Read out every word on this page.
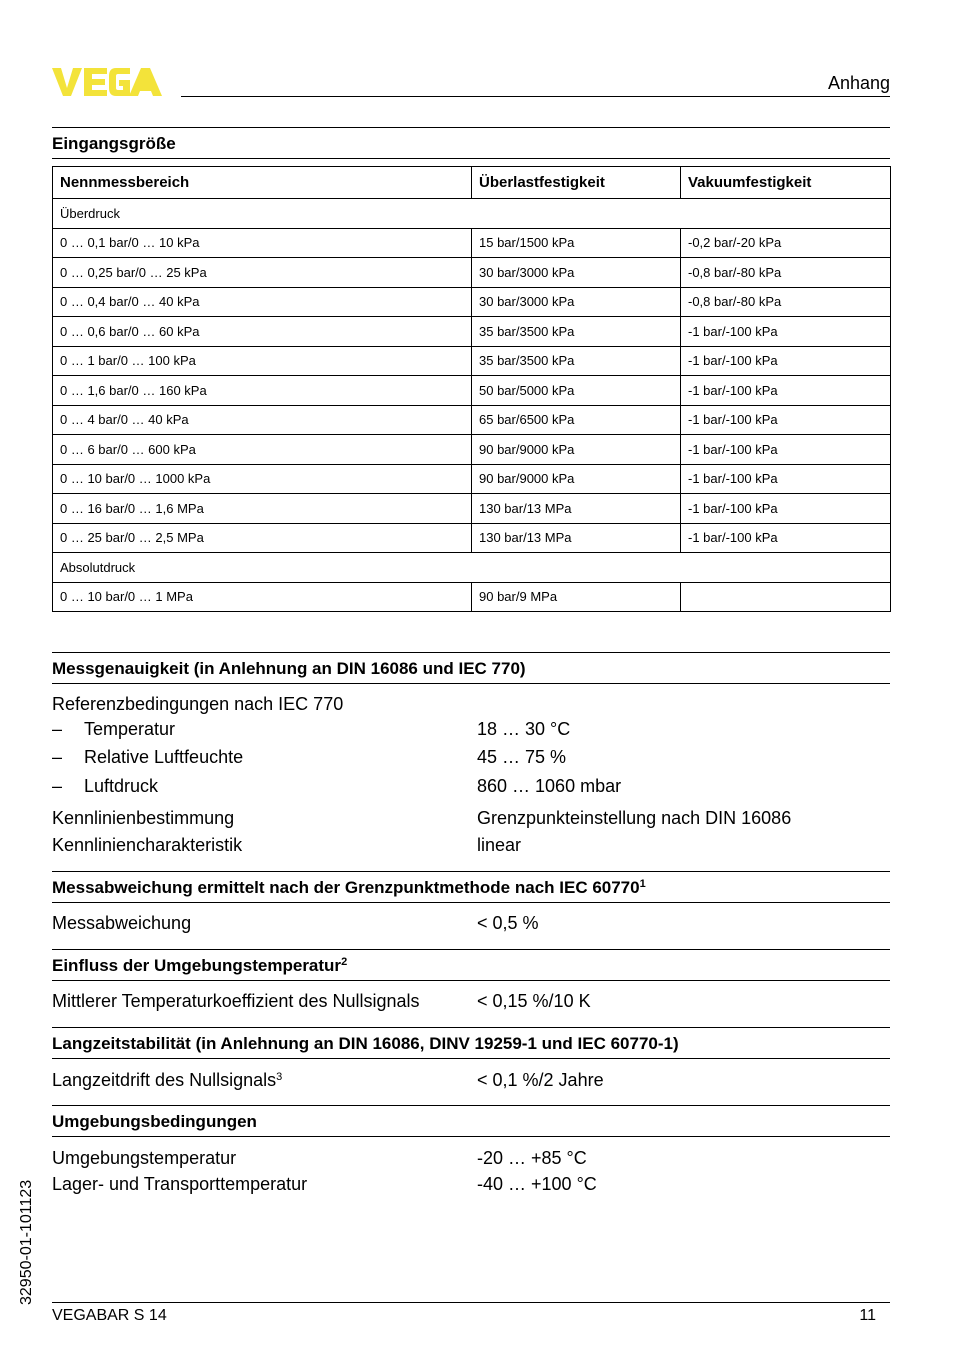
Anhang
Eingangsgröße
Nennmessbereich	Überlastfestigkeit	Vakuumfestigkeit
Überdruck		
0 … 0,1 bar/0 … 10 kPa	15 bar/1500 kPa	-0,2 bar/-20 kPa
0 … 0,25 bar/0 … 25 kPa	30 bar/3000 kPa	-0,8 bar/-80 kPa
0 … 0,4 bar/0 … 40 kPa	30 bar/3000 kPa	-0,8 bar/-80 kPa
0 … 0,6 bar/0 … 60 kPa	35 bar/3500 kPa	-1 bar/-100 kPa
0 … 1 bar/0 … 100 kPa	35 bar/3500 kPa	-1 bar/-100 kPa
0 … 1,6 bar/0 … 160 kPa	50 bar/5000 kPa	-1 bar/-100 kPa
0 … 4 bar/0 … 40 kPa	65 bar/6500 kPa	-1 bar/-100 kPa
0 … 6 bar/0 … 600 kPa	90 bar/9000 kPa	-1 bar/-100 kPa
0 … 10 bar/0 … 1000 kPa	90 bar/9000 kPa	-1 bar/-100 kPa
0 … 16 bar/0 … 1,6 MPa	130 bar/13 MPa	-1 bar/-100 kPa
0 … 25 bar/0 … 2,5 MPa	130 bar/13 MPa	-1 bar/-100 kPa
Absolutdruck		
0 … 10 bar/0 … 1 MPa	90 bar/9 MPa	
Messgenauigkeit (in Anlehnung an DIN 16086 und IEC 770)
Referenzbedingungen nach IEC 770
– Temperatur	18 … 30 °C
– Relative Luftfeuchte	45 … 75 %
– Luftdruck	860 … 1060 mbar
Kennlinienbestimmung	Grenzpunkteinstellung nach DIN 16086
Kennliniencharakteristik	linear
Messabweichung ermittelt nach der Grenzpunktmethode nach IEC 60770$^1$
Messabweichung	< 0,5 %
Einfluss der Umgebungstemperatur$^2$
Mittlerer Temperaturkoeffizient des Nullsignals	< 0,15 %/10 K
Langzeitstabilität (in Anlehnung an DIN 16086, DINV 19259-1 und IEC 60770-1)
Langzeitdrift des Nullsignals$^3$	< 0,1 %/2 Jahre
Umgebungsbedingungen
Umgebungstemperatur	-20 … +85 °C
Lager- und Transporttemperatur	-40 … +100 °C
32950-01-101123
VEGABAR S 14	11
